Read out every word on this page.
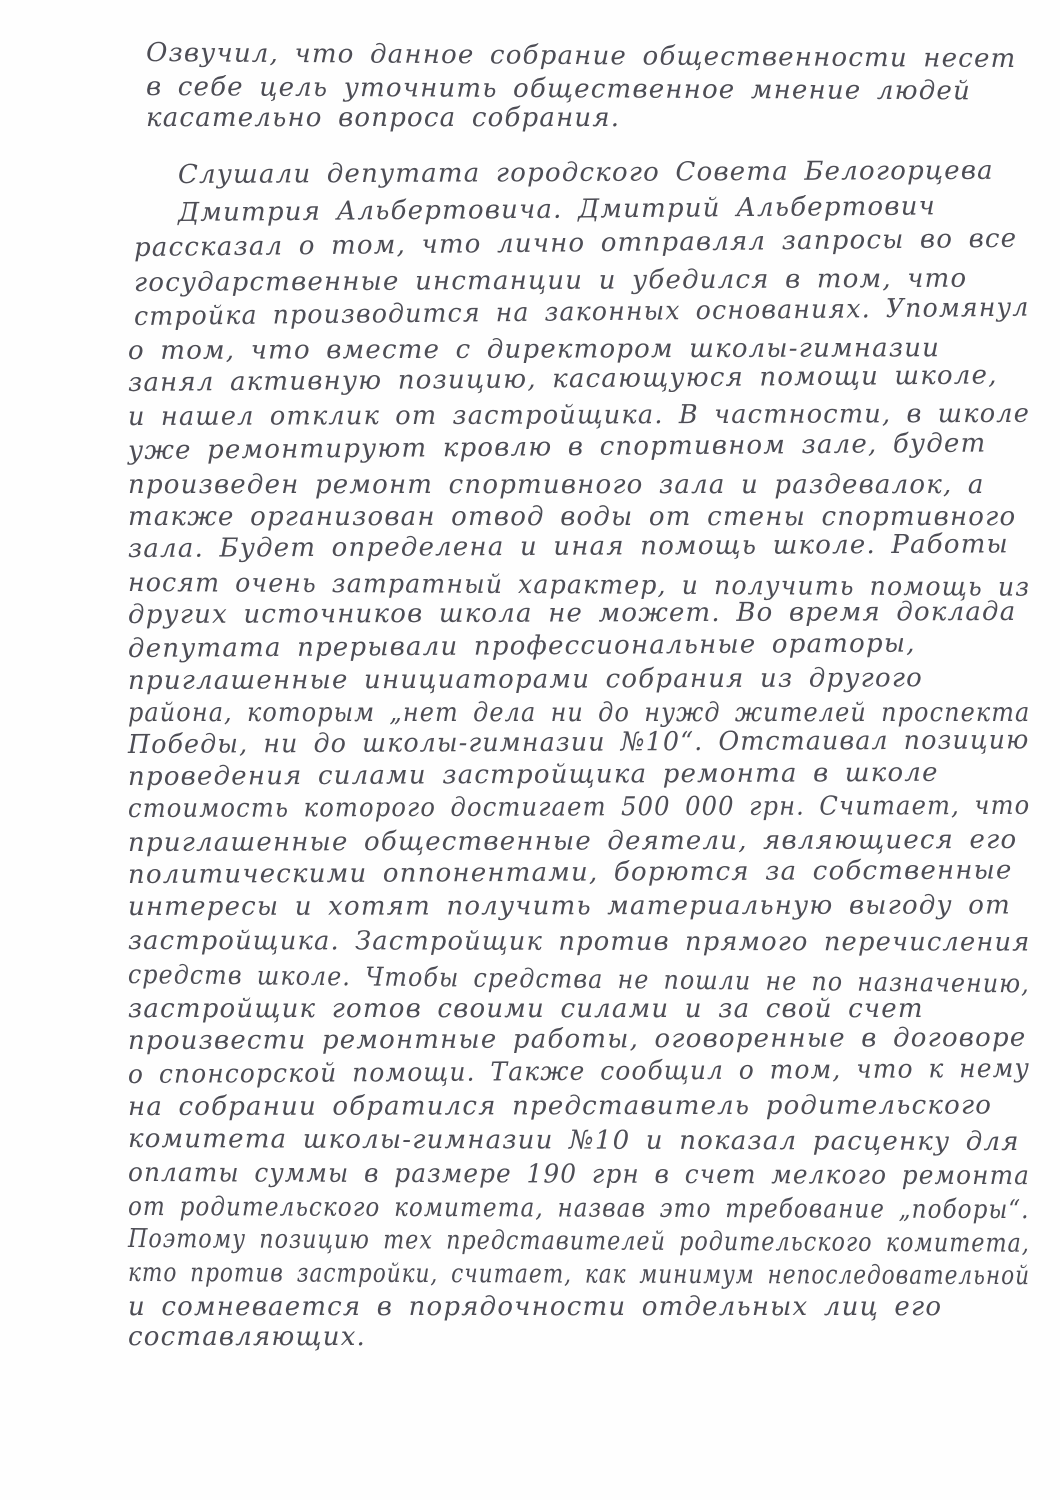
Озвучил, что данное собрание общественности несет
в себе цель уточнить общественное мнение людей
касательно вопроса собрания.
Слушали депутата городского Совета Белогорцева
Дмитрия Альбертовича. Дмитрий Альбертович
рассказал о том, что лично отправлял запросы во все
государственные инстанции и убедился в том, что
стройка производится на законных основаниях. Упомянул
о том, что вместе с директором школы-гимназии
занял активную позицию, касающуюся помощи школе,
и нашел отклик от застройщика. В частности, в школе
уже ремонтируют кровлю в спортивном зале, будет
произведен ремонт спортивного зала и раздевалок, а
также организован отвод воды от стены спортивного
зала. Будет определена и иная помощь школе. Работы
носят очень затратный характер, и получить помощь из
других источников школа не может. Во время доклада
депутата прерывали профессиональные ораторы,
приглашенные инициаторами собрания из другого
района, которым „нет дела ни до нужд жителей проспекта
Победы, ни до школы-гимназии №10“. Отстаивал позицию
проведения силами застройщика ремонта в школе
стоимость которого достигает 500 000 грн. Считает, что
приглашенные общественные деятели, являющиеся его
политическими оппонентами, борются за собственные
интересы и хотят получить материальную выгоду от
застройщика. Застройщик против прямого перечисления
средств школе. Чтобы средства не пошли не по назначению,
застройщик готов своими силами и за свой счет
произвести ремонтные работы, оговоренные в договоре
о спонсорской помощи. Также сообщил о том, что к нему
на собрании обратился представитель родительского
комитета школы-гимназии №10 и показал расценку для
оплаты суммы в размере 190 грн в счет мелкого ремонта
от родительского комитета, назвав это требование „поборы“.
Поэтому позицию тех представителей родительского комитета,
кто против застройки, считает, как минимум непоследовательной
и сомневается в порядочности отдельных лиц его
составляющих.
